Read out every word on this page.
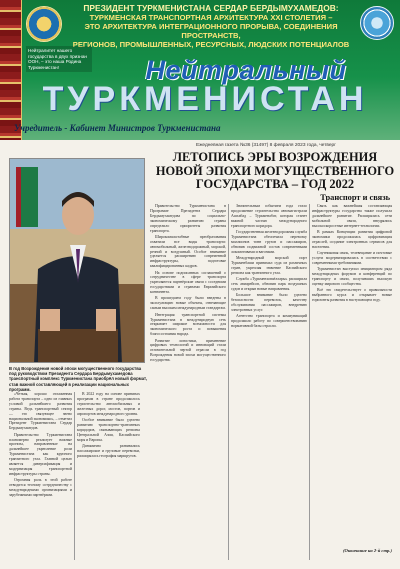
ПРЕЗИДЕНТ ТУРКМЕНИСТАНА СЕРДАР БЕРДЫМУХАМЕДОВ:
ТУРКМЕНСКАЯ ТРАНСПОРТНАЯ АРХИТЕКТУРА XXI СТОЛЕТИЯ –
ЭТО АРХИТЕКТУРА ИНТЕГРАЦИОННОГО ПРОРЫВА, СОЕДИНЕНИЯ ПРОСТРАНСТВ,
РЕГИОНОВ, ПРОМЫШЛЕННЫХ, РЕСУРСНЫХ, ЛЮДСКИХ ПОТЕНЦИАЛОВ
Нейтралитет нашего государства в двух признан ООН, – это наша Родина Туркменистан!	Нейтральный
ТУРКМЕНИСТАН
Учредитель - Кабинет Министров Туркменистана
Ежедневная газета №36 (31497) 8 февраля 2023 года, четверг
ЛЕТОПИСЬ ЭРЫ ВОЗРОЖДЕНИЯ НОВОЙ ЭПОХИ МОГУЩЕСТВЕННОГО ГОСУДАРСТВА – ГОД 2022
Транспорт и связь
В год Возрождения новой эпохи могущественного государства под руководством Президента Сердара Бердымухамедова транспортный комплекс Туркменистана приобрёл новый формат, став важной составляющей в реализации национальных программ.

«Четкая, хорошо отлаженная работа транспорта – одно из главных условий дальнейшего развития страны. Ведь транспортный сектор — это связующее звено национальной экономики», – отметил Президент Туркменистана Сердар Бердымухамедов.

Правительство Туркменистана планомерно реализует важные проекты, направленные на дальнейшее укрепление роли Туркменистана как крупного транзитного узла. Главной целью является диверсификация и модернизация транспортной инфраструктуры страны.

Огромная роль в этой работе отводится тесному сотрудничеству с международными организациями и зарубежными партнёрами.

В 2022 году на основе принятых программ в стране продолжилось строительство автомобильных и железных дорог, мостов, портов и аэропортов международного уровня.

Особое внимание было уделено развитию транспортно-транзитных коридоров, связывающих регионы Центральной Азии, Каспийского моря и Европы.

Динамично развивались пассажирские и грузовые перевозки, расширялась география маршрутов.

Правительство Туркменистана в Программе Президента Сердара Бердымухамедова по социально-экономическому развитию страны определило приоритеты развития транспорта.

Широкомасштабные преобразования охватили все виды транспорта: автомобильный, железнодорожный, морской, речной и воздушный. Особое внимание уделяется расширению современной инфраструктуры, подготовке квалифицированных кадров.

На основе подписанных соглашений о сотрудничестве в сфере транспорта укрепляются партнёрские связи с соседними государствами и странами Евразийского континента.

В прошедшем году были введены в эксплуатацию новые объекты, отвечающие самым высоким международным стандартам.

Интеграция транспортной системы Туркменистана в международную сеть открывает широкие возможности для экономического роста и повышения благосостояния народа.

Развитие логистики, применение цифровых технологий и инноваций стали отличительной чертой отрасли в год Возрождения новой эпохи могущественного государства.

Значительным событием года стало продолжение строительства автомагистрали Ашхабад – Туркменабат, которая станет важной частью международного транспортного коридора.

Государственная железнодорожная служба Туркменистана обеспечила перевозку миллионов тонн грузов и пассажиров, обновив подвижной состав современными локомотивами и вагонами.

Международный морской порт Туркменбаши принимал суда из различных стран, укрепляя значение Каспийского региона как транзитного узла.

Служба «Туркменховаёллары» расширила сеть авиарейсов, обновив парк воздушных судов и открыв новые направления.

Большое внимание было уделено безопасности перевозок, качеству обслуживания пассажиров, внедрению электронных услуг.

Агентство транспорта и коммуникаций продолжило работу по совершенствованию нормативной базы отрасли.

Связь как важнейшая составляющая инфраструктуры государства также получила дальнейшее развитие. Расширялись сети мобильной связи, внедрялись высокоскоростные интернет-технологии.

В рамках Концепции развития цифровой экономики продолжилась цифровизация отраслей, создание электронных сервисов для населения.

Спутниковая связь, телевещание и почтовые услуги модернизировались в соответствии с современными требованиями.

Туркменистан выступил инициатором ряда международных форумов и конференций по транспорту и связи, получивших высокую оценку мирового сообщества.

Всё это свидетельствует о правильности выбранного курса и открывает новые горизонты развития в наступающем году.

(Окончание на 2-й стр.)
